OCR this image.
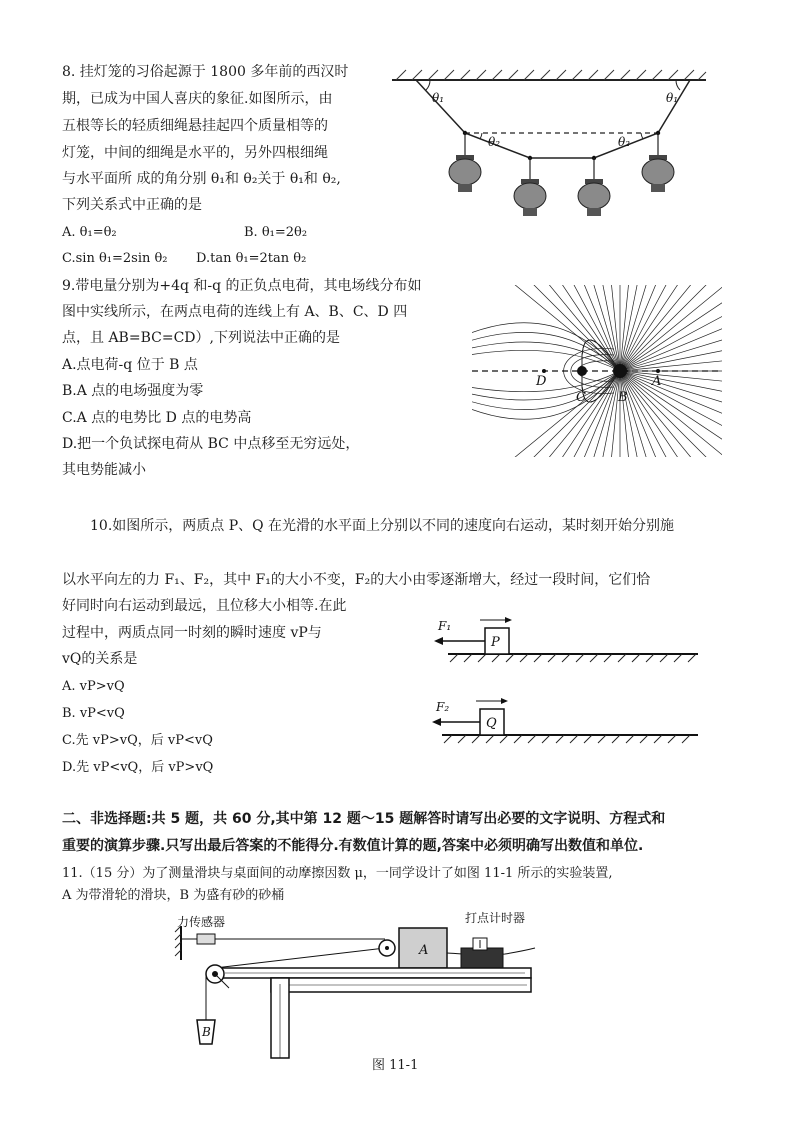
8. 挂灯笼的习俗起源于 1800 多年前的西汉时
期，已成为中国人喜庆的象征.如图所示，由
五根等长的轻质细绳悬挂起四个质量相等的
灯笼，中间的细绳是水平的，另外四根细绳
与水平面所 成的角分别 θ₁和 θ₂关于 θ₁和 θ₂,
下列关系式中正确的是
A. θ₁=θ₂	B. θ₁=2θ₂
C.sin θ₁=2sin θ₂ D.tan θ₁=2tan θ₂
θ₁	θ₁
θ₂	θ₂
9.带电量分别为+4q 和-q 的正负点电荷，其电场线分布如
图中实线所示，在两点电荷的连线上有 A、B、C、D 四
点，且 AB=BC=CD）,下列说法中正确的是
A.点电荷-q 位于 B 点
B.A 点的电场强度为零
C.A 点的电势比 D 点的电势高
D.把一个负试探电荷从 BC 中点移至无穷远处，
其电势能减小
A
B
C
D
10.如图所示，两质点 P、Q 在光滑的水平面上分别以不同的速度向右运动，某时刻开始分别施
以水平向左的力 F₁、F₂，其中 F₁的大小不变，F₂的大小由零逐渐增大，经过一段时间，它们恰
好同时向右运动到最远，且位移大小相等.在此
过程中，两质点同一时刻的瞬时速度 vP与
vQ的关系是
A. vP>vQ
B. vP<vQ
C.先 vP>vQ，后 vP<vQ
D.先 vP<vQ，后 vP>vQ
P
F₁
Q
F₂
二、非选择题:共 5 题，共 60 分,其中第 12 题～15 题解答时请写出必要的文字说明、方程式和
重要的演算步骤.只写出最后答案的不能得分.有数值计算的题,答案中必须明确写出数值和单位.
11.（15 分）为了测量滑块与桌面间的动摩擦因数 μ，一同学设计了如图 11-1 所示的实验装置,
A 为带滑轮的滑块，B 为盛有砂的砂桶
力传感器
A
打点计时器
B
图 11-1
